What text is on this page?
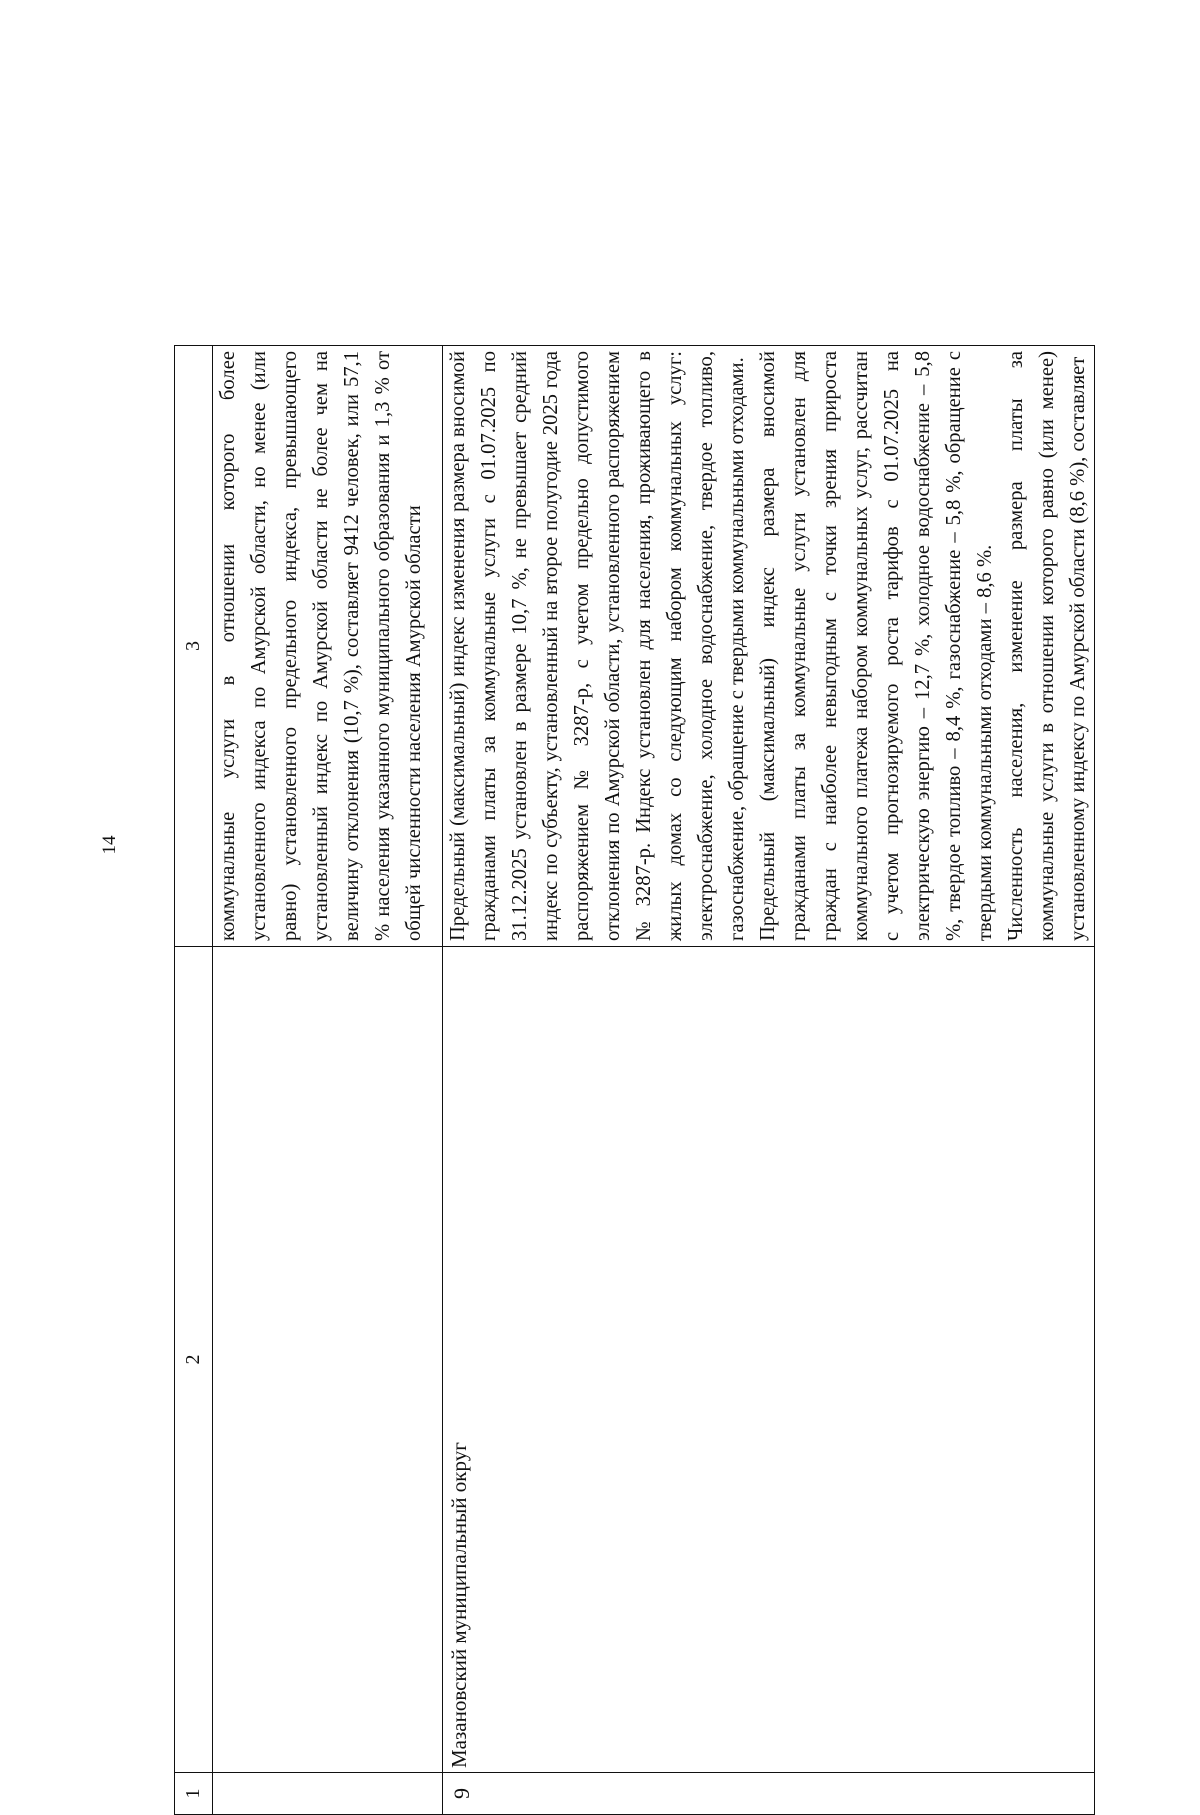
14
1	2	3

		коммунальные услуги в отношении которого более установленного индекса по Амурской области, но менее (или равно) установленного предельного индекса, превышающего установленный индекс по Амурской области не более чем на величину отклонения (10,7 %), составляет 9412 человек, или 57,1 % населения указанного муниципального образования и 1,3 % от общей численности населения Амурской области

9	Мазановский муниципальный округ	Предельный (максимальный) индекс изменения размера вносимой гражданами платы за коммунальные услуги с 01.07.2025 по 31.12.2025 установлен в размере 10,7 %, не превышает средний индекс по субъекту, установленный на второе полугодие 2025 года распоряжением № 3287-р, с учетом предельно допустимого отклонения по Амурской области, установленного распоряжением № 3287-р. Индекс установлен для населения, проживающего в жилых домах со следующим набором коммунальных услуг: электроснабжение, холодное водоснабжение, твердое топливо, газоснабжение, обращение с твердыми коммунальными отходами. Предельный (максимальный) индекс размера вносимой гражданами платы за коммунальные услуги установлен для граждан с наиболее невыгодным с точки зрения прироста коммунального платежа набором коммунальных услуг, рассчитан с учетом прогнозируемого роста тарифов с 01.07.2025 на электрическую энергию – 12,7 %, холодное водоснабжение – 5,8 %, твердое топливо – 8,4 %, газоснабжение – 5,8 %, обращение с твердыми коммунальными отходами – 8,6 %. Численность населения, изменение размера платы за коммунальные услуги в отношении которого равно (или менее) установленному индексу по Амурской области (8,6 %), составляет
